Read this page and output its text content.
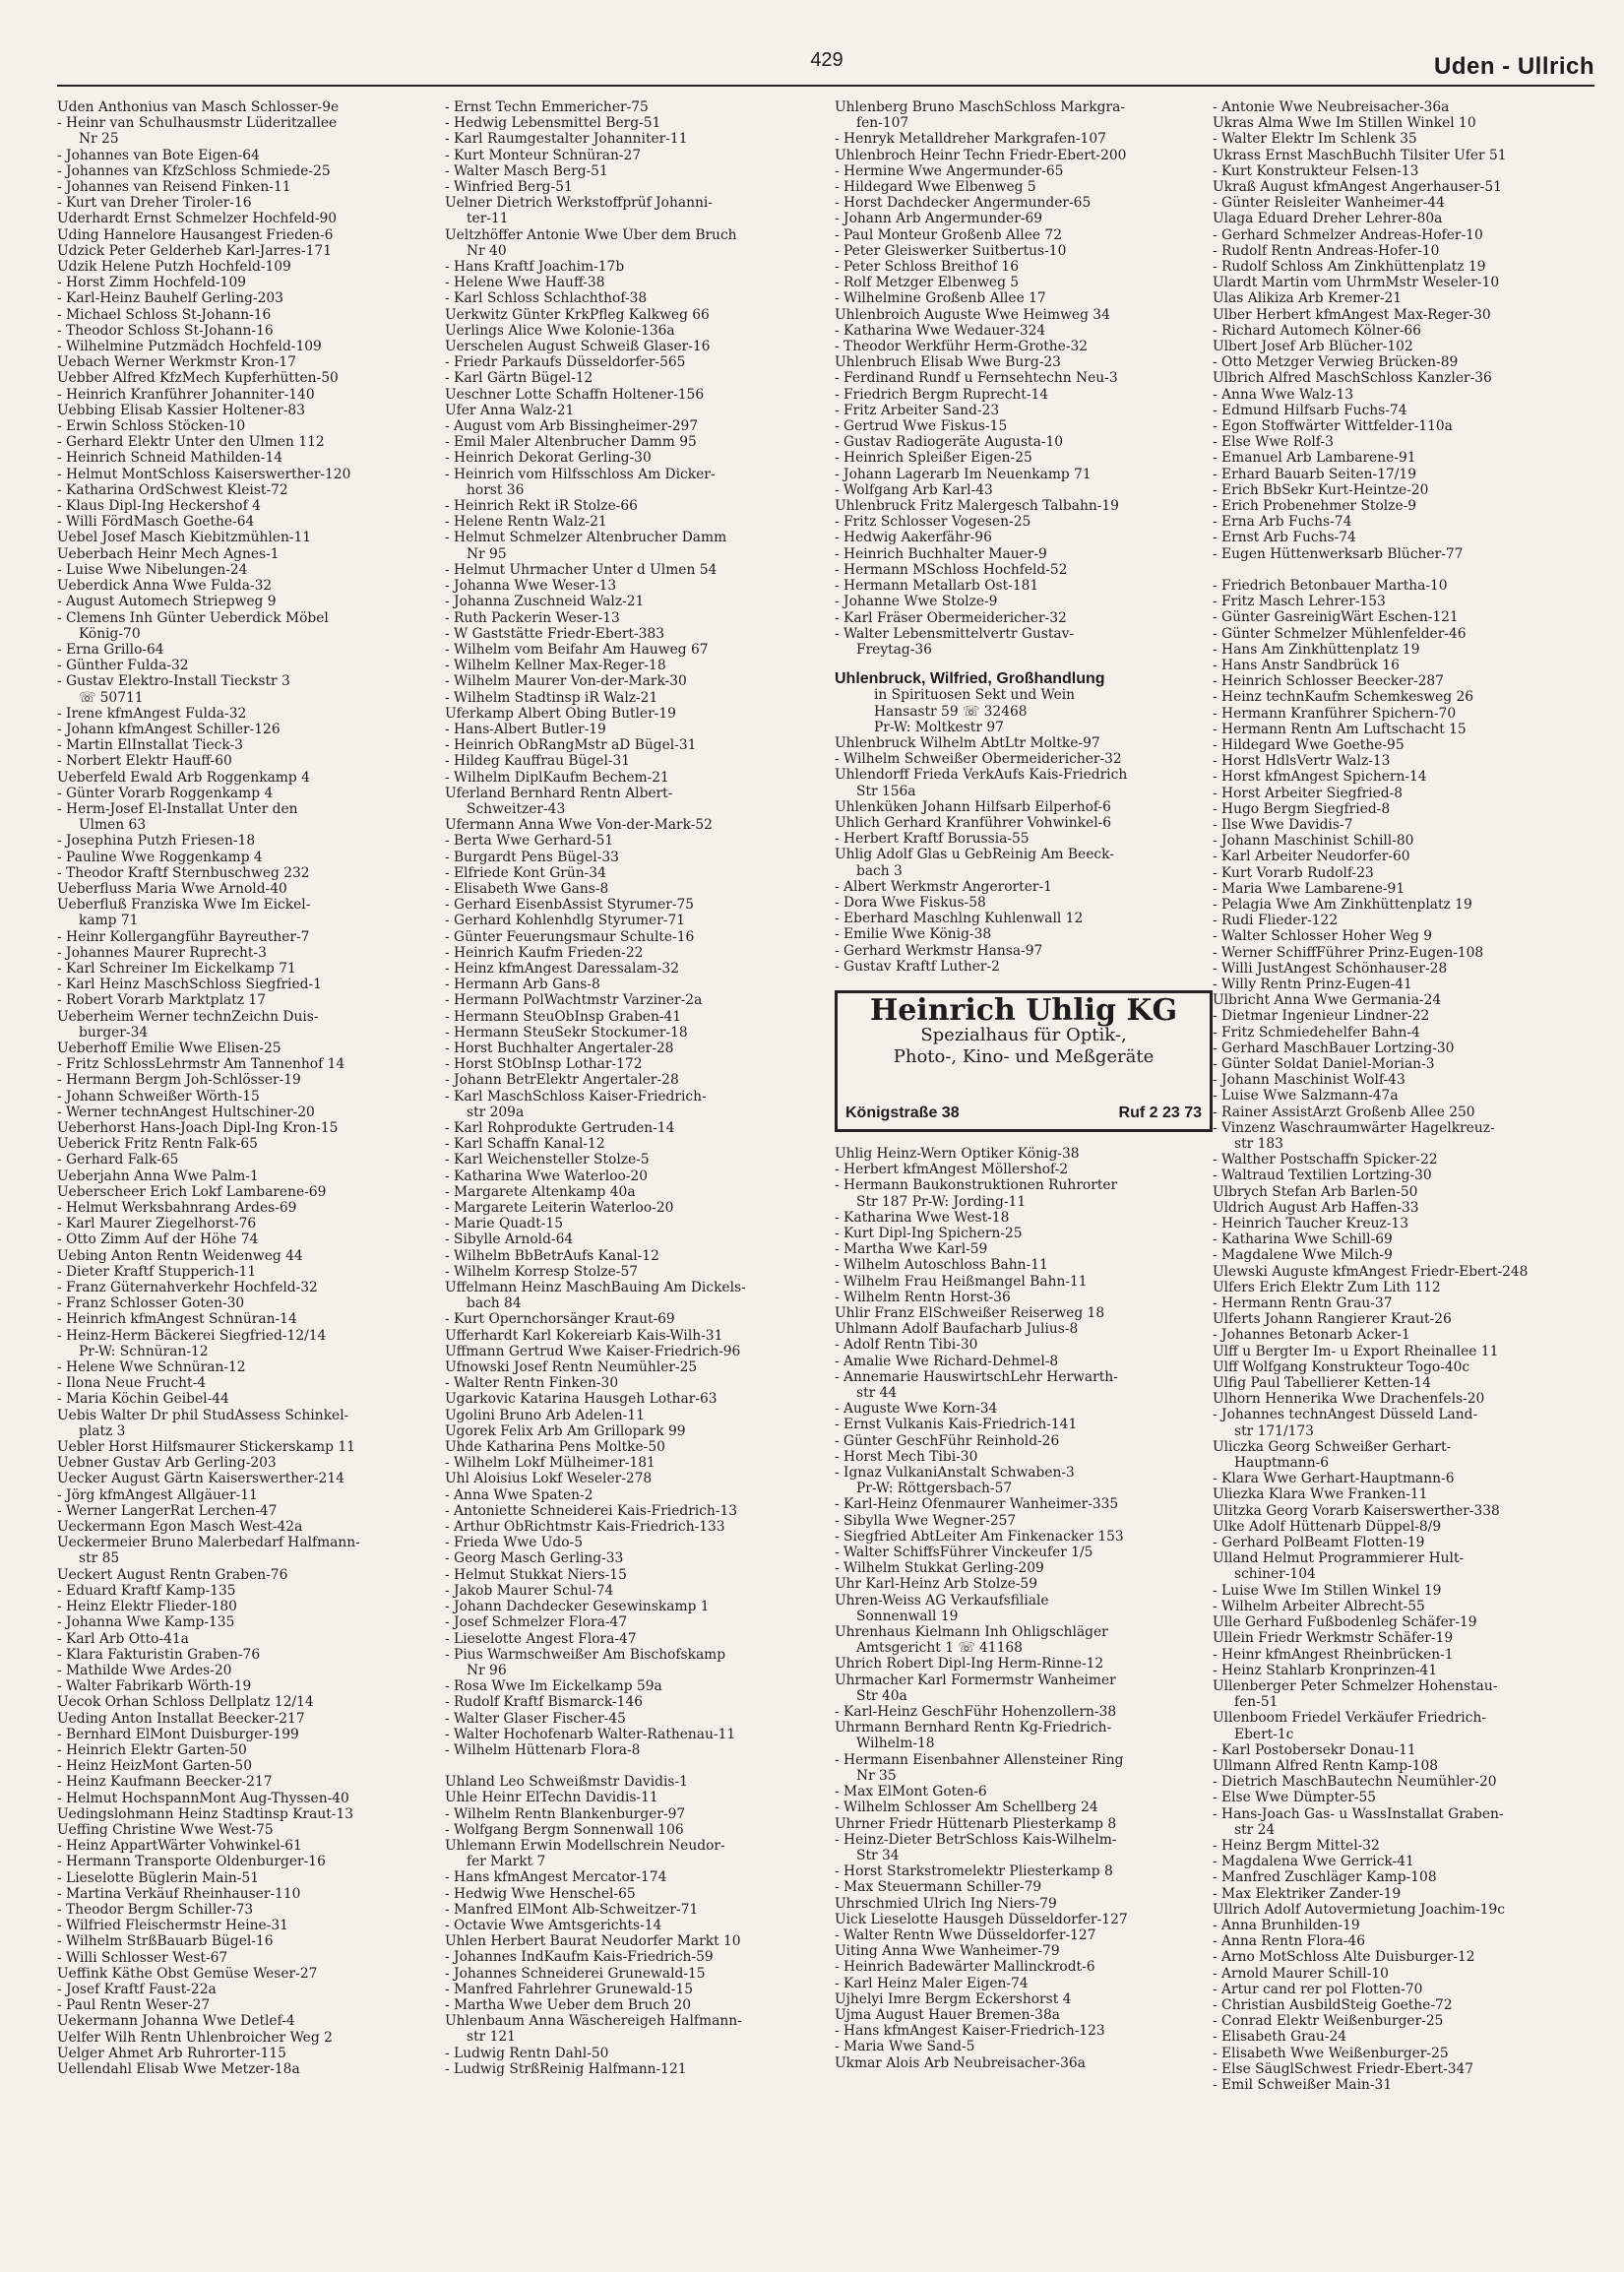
429	Uden - Ullrich
Uden Anthonius van Masch Schlosser-9e
- Heinr van Schulhausmstr Lüderitzallee
Nr 25
- Johannes van Bote Eigen-64
- Johannes van KfzSchloss Schmiede-25
- Johannes van Reisend Finken-11
- Kurt van Dreher Tiroler-16
Uderhardt Ernst Schmelzer Hochfeld-90
Uding Hannelore Hausangest Frieden-6
Udzick Peter Gelderheb Karl-Jarres-171
Udzik Helene Putzh Hochfeld-109
- Horst Zimm Hochfeld-109
- Karl-Heinz Bauhelf Gerling-203
- Michael Schloss St-Johann-16
- Theodor Schloss St-Johann-16
- Wilhelmine Putzmädch Hochfeld-109
Uebach Werner Werkmstr Kron-17
Uebber Alfred KfzMech Kupferhütten-50
- Heinrich Kranführer Johanniter-140
Uebbing Elisab Kassier Holtener-83
- Erwin Schloss Stöcken-10
- Gerhard Elektr Unter den Ulmen 112
- Heinrich Schneid Mathilden-14
- Helmut MontSchloss Kaiserswerther-120
- Katharina OrdSchwest Kleist-72
- Klaus Dipl-Ing Heckershof 4
- Willi FördMasch Goethe-64
Uebel Josef Masch Kiebitzmühlen-11
Ueberbach Heinr Mech Agnes-1
- Luise Wwe Nibelungen-24
Ueberdick Anna Wwe Fulda-32
- August Automech Striepweg 9
- Clemens Inh Günter Ueberdick Möbel
König-70
- Erna Grillo-64
- Günther Fulda-32
- Gustav Elektro-Install Tieckstr 3
☏ 50711
- Irene kfmAngest Fulda-32
- Johann kfmAngest Schiller-126
- Martin ElInstallat Tieck-3
- Norbert Elektr Hauff-60
Ueberfeld Ewald Arb Roggenkamp 4
- Günter Vorarb Roggenkamp 4
- Herm-Josef El-Installat Unter den
Ulmen 63
- Josephina Putzh Friesen-18
- Pauline Wwe Roggenkamp 4
- Theodor Kraftf Sternbuschweg 232
Ueberfluss Maria Wwe Arnold-40
Ueberfluß Franziska Wwe Im Eickel-
kamp 71
- Heinr Kollergangführ Bayreuther-7
- Johannes Maurer Ruprecht-3
- Karl Schreiner Im Eickelkamp 71
- Karl Heinz MaschSchloss Siegfried-1
- Robert Vorarb Marktplatz 17
Ueberheim Werner technZeichn Duis-
burger-34
Ueberhoff Emilie Wwe Elisen-25
- Fritz SchlossLehrmstr Am Tannenhof 14
- Hermann Bergm Joh-Schlösser-19
- Johann Schweißer Wörth-15
- Werner technAngest Hultschiner-20
Ueberhorst Hans-Joach Dipl-Ing Kron-15
Ueberick Fritz Rentn Falk-65
- Gerhard Falk-65
Ueberjahn Anna Wwe Palm-1
Ueberscheer Erich Lokf Lambarene-69
- Helmut Werksbahnrang Ardes-69
- Karl Maurer Ziegelhorst-76
- Otto Zimm Auf der Höhe 74
Uebing Anton Rentn Weidenweg 44
- Dieter Kraftf Stupperich-11
- Franz Güternahverkehr Hochfeld-32
- Franz Schlosser Goten-30
- Heinrich kfmAngest Schnüran-14
- Heinz-Herm Bäckerei Siegfried-12/14
Pr-W: Schnüran-12
- Helene Wwe Schnüran-12
- Ilona Neue Frucht-4
- Maria Köchin Geibel-44
Uebis Walter Dr phil StudAssess Schinkel-
platz 3
Uebler Horst Hilfsmaurer Stickerskamp 11
Uebner Gustav Arb Gerling-203
Uecker August Gärtn Kaiserswerther-214
- Jörg kfmAngest Allgäuer-11
- Werner LangerRat Lerchen-47
Ueckermann Egon Masch West-42a
Ueckermeier Bruno Malerbedarf Halfmann-
str 85
Ueckert August Rentn Graben-76
- Eduard Kraftf Kamp-135
- Heinz Elektr Flieder-180
- Johanna Wwe Kamp-135
- Karl Arb Otto-41a
- Klara Fakturistin Graben-76
- Mathilde Wwe Ardes-20
- Walter Fabrikarb Wörth-19
Uecok Orhan Schloss Dellplatz 12/14
Ueding Anton Installat Beecker-217
- Bernhard ElMont Duisburger-199
- Heinrich Elektr Garten-50
- Heinz HeizMont Garten-50
- Heinz Kaufmann Beecker-217
- Helmut HochspannMont Aug-Thyssen-40
Uedingslohmann Heinz Stadtinsp Kraut-13
Ueffing Christine Wwe West-75
- Heinz AppartWärter Vohwinkel-61
- Hermann Transporte Oldenburger-16
- Lieselotte Büglerin Main-51
- Martina Verkäuf Rheinhauser-110
- Theodor Bergm Schiller-73
- Wilfried Fleischermstr Heine-31
- Wilhelm StrßBauarb Bügel-16
- Willi Schlosser West-67
Ueffink Käthe Obst Gemüse Weser-27
- Josef Kraftf Faust-22a
- Paul Rentn Weser-27
Uekermann Johanna Wwe Detlef-4
Uelfer Wilh Rentn Uhlenbroicher Weg 2
Uelger Ahmet Arb Ruhrorter-115
Uellendahl Elisab Wwe Metzer-18a
- Ernst Techn Emmericher-75
- Hedwig Lebensmittel Berg-51
- Karl Raumgestalter Johanniter-11
- Kurt Monteur Schnüran-27
- Walter Masch Berg-51
- Winfried Berg-51
Uelner Dietrich Werkstoffprüf Johanni-
ter-11
Ueltzhöffer Antonie Wwe Über dem Bruch
Nr 40
- Hans Kraftf Joachim-17b
- Helene Wwe Hauff-38
- Karl Schloss Schlachthof-38
Uerkwitz Günter KrkPfleg Kalkweg 66
Uerlings Alice Wwe Kolonie-136a
Uerschelen August Schweiß Glaser-16
- Friedr Parkaufs Düsseldorfer-565
- Karl Gärtn Bügel-12
Ueschner Lotte Schaffn Holtener-156
Ufer Anna Walz-21
- August vom Arb Bissingheimer-297
- Emil Maler Altenbrucher Damm 95
- Heinrich Dekorat Gerling-30
- Heinrich vom Hilfsschloss Am Dicker-
horst 36
- Heinrich Rekt iR Stolze-66
- Helene Rentn Walz-21
- Helmut Schmelzer Altenbrucher Damm
Nr 95
- Helmut Uhrmacher Unter d Ulmen 54
- Johanna Wwe Weser-13
- Johanna Zuschneid Walz-21
- Ruth Packerin Weser-13
- W Gaststätte Friedr-Ebert-383
- Wilhelm vom Beifahr Am Hauweg 67
- Wilhelm Kellner Max-Reger-18
- Wilhelm Maurer Von-der-Mark-30
- Wilhelm Stadtinsp iR Walz-21
Uferkamp Albert Obing Butler-19
- Hans-Albert Butler-19
- Heinrich ObRangMstr aD Bügel-31
- Hildeg Kauffrau Bügel-31
- Wilhelm DiplKaufm Bechem-21
Uferland Bernhard Rentn Albert-
Schweitzer-43
Ufermann Anna Wwe Von-der-Mark-52
- Berta Wwe Gerhard-51
- Burgardt Pens Bügel-33
- Elfriede Kont Grün-34
- Elisabeth Wwe Gans-8
- Gerhard EisenbAssist Styrumer-75
- Gerhard Kohlenhdlg Styrumer-71
- Günter Feuerungsmaur Schulte-16
- Heinrich Kaufm Frieden-22
- Heinz kfmAngest Daressalam-32
- Hermann Arb Gans-8
- Hermann PolWachtmstr Varziner-2a
- Hermann SteuObInsp Graben-41
- Hermann SteuSekr Stockumer-18
- Horst Buchhalter Angertaler-28
- Horst StObInsp Lothar-172
- Johann BetrElektr Angertaler-28
- Karl MaschSchloss Kaiser-Friedrich-
str 209a
- Karl Rohprodukte Gertruden-14
- Karl Schaffn Kanal-12
- Karl Weichensteller Stolze-5
- Katharina Wwe Waterloo-20
- Margarete Altenkamp 40a
- Margarete Leiterin Waterloo-20
- Marie Quadt-15
- Sibylle Arnold-64
- Wilhelm BbBetrAufs Kanal-12
- Wilhelm Korresp Stolze-57
Uffelmann Heinz MaschBauing Am Dickels-
bach 84
- Kurt Opernchorsänger Kraut-69
Ufferhardt Karl Kokereiarb Kais-Wilh-31
Uffmann Gertrud Wwe Kaiser-Friedrich-96
Ufnowski Josef Rentn Neumühler-25
- Walter Rentn Finken-30
Ugarkovic Katarina Hausgeh Lothar-63
Ugolini Bruno Arb Adelen-11
Ugorek Felix Arb Am Grillopark 99
Uhde Katharina Pens Moltke-50
- Wilhelm Lokf Mülheimer-181
Uhl Aloisius Lokf Weseler-278
- Anna Wwe Spaten-2
- Antoniette Schneiderei Kais-Friedrich-13
- Arthur ObRichtmstr Kais-Friedrich-133
- Frieda Wwe Udo-5
- Georg Masch Gerling-33
- Helmut Stukkat Niers-15
- Jakob Maurer Schul-74
- Johann Dachdecker Gesewinskamp 1
- Josef Schmelzer Flora-47
- Lieselotte Angest Flora-47
- Pius Warmschweißer Am Bischofskamp
Nr 96
- Rosa Wwe Im Eickelkamp 59a
- Rudolf Kraftf Bismarck-146
- Walter Glaser Fischer-45
- Walter Hochofenarb Walter-Rathenau-11
- Wilhelm Hüttenarb Flora-8
Uhland Leo Schweißmstr Davidis-1
Uhle Heinr ElTechn Davidis-11
- Wilhelm Rentn Blankenburger-97
- Wolfgang Bergm Sonnenwall 106
Uhlemann Erwin Modellschrein Neudor-
fer Markt 7
- Hans kfmAngest Mercator-174
- Hedwig Wwe Henschel-65
- Manfred ElMont Alb-Schweitzer-71
- Octavie Wwe Amtsgerichts-14
Uhlen Herbert Baurat Neudorfer Markt 10
- Johannes IndKaufm Kais-Friedrich-59
- Johannes Schneiderei Grunewald-15
- Manfred Fahrlehrer Grunewald-15
- Martha Wwe Ueber dem Bruch 20
Uhlenbaum Anna Wäschereigeh Halfmann-
str 121
- Ludwig Rentn Dahl-50
- Ludwig StrßReinig Halfmann-121
Uhlenberg Bruno MaschSchloss Markgra-
fen-107
- Henryk Metalldreher Markgrafen-107
Uhlenbroch Heinr Techn Friedr-Ebert-200
- Hermine Wwe Angermunder-65
- Hildegard Wwe Elbenweg 5
- Horst Dachdecker Angermunder-65
- Johann Arb Angermunder-69
- Paul Monteur Großenb Allee 72
- Peter Gleiswerker Suitbertus-10
- Peter Schloss Breithof 16
- Rolf Metzger Elbenweg 5
- Wilhelmine Großenb Allee 17
Uhlenbroich Auguste Wwe Heimweg 34
- Katharina Wwe Wedauer-324
- Theodor Werkführ Herm-Grothe-32
Uhlenbruch Elisab Wwe Burg-23
- Ferdinand Rundf u Fernsehtechn Neu-3
- Friedrich Bergm Ruprecht-14
- Fritz Arbeiter Sand-23
- Gertrud Wwe Fiskus-15
- Gustav Radiogeräte Augusta-10
- Heinrich Spleißer Eigen-25
- Johann Lagerarb Im Neuenkamp 71
- Wolfgang Arb Karl-43
Uhlenbruck Fritz Malergesch Talbahn-19
- Fritz Schlosser Vogesen-25
- Hedwig Aakerfähr-96
- Heinrich Buchhalter Mauer-9
- Hermann MSchloss Hochfeld-52
- Hermann Metallarb Ost-181
- Johanne Wwe Stolze-9
- Karl Fräser Obermeidericher-32
- Walter Lebensmittelvertr Gustav-
Freytag-36
Uhlenbruck, Wilfried, Großhandlung
in Spirituosen Sekt und Wein
Hansastr 59 ☏ 32468
Pr-W: Moltkestr 97
Uhlenbruck Wilhelm AbtLtr Moltke-97
- Wilhelm Schweißer Obermeidericher-32
Uhlendorff Frieda VerkAufs Kais-Friedrich
Str 156a
Uhlenküken Johann Hilfsarb Eilperhof-6
Uhlich Gerhard Kranführer Vohwinkel-6
- Herbert Kraftf Borussia-55
Uhlig Adolf Glas u GebReinig Am Beeck-
bach 3
- Albert Werkmstr Angerorter-1
- Dora Wwe Fiskus-58
- Eberhard Maschlng Kuhlenwall 12
- Emilie Wwe König-38
- Gerhard Werkmstr Hansa-97
- Gustav Kraftf Luther-2
Heinrich Uhlig KG
Spezialhaus für Optik-,
Photo-, Kino- und Meßgeräte
Königstraße 38	Ruf 2 23 73
Uhlig Heinz-Wern Optiker König-38
- Herbert kfmAngest Möllershof-2
- Hermann Baukonstruktionen Ruhrorter
Str 187 Pr-W: Jording-11
- Katharina Wwe West-18
- Kurt Dipl-Ing Spichern-25
- Martha Wwe Karl-59
- Wilhelm Autoschloss Bahn-11
- Wilhelm Frau Heißmangel Bahn-11
- Wilhelm Rentn Horst-36
Uhlir Franz ElSchweißer Reiserweg 18
Uhlmann Adolf Baufacharb Julius-8
- Adolf Rentn Tibi-30
- Amalie Wwe Richard-Dehmel-8
- Annemarie HauswirtschLehr Herwarth-
str 44
- Auguste Wwe Korn-34
- Ernst Vulkanis Kais-Friedrich-141
- Günter GeschFühr Reinhold-26
- Horst Mech Tibi-30
- Ignaz VulkaniAnstalt Schwaben-3
Pr-W: Röttgersbach-57
- Karl-Heinz Ofenmaurer Wanheimer-335
- Sibylla Wwe Wegner-257
- Siegfried AbtLeiter Am Finkenacker 153
- Walter SchiffsFührer Vinckeufer 1/5
- Wilhelm Stukkat Gerling-209
Uhr Karl-Heinz Arb Stolze-59
Uhren-Weiss AG Verkaufsfiliale
Sonnenwall 19
Uhrenhaus Kielmann Inh Ohligschläger
Amtsgericht 1 ☏ 41168
Uhrich Robert Dipl-Ing Herm-Rinne-12
Uhrmacher Karl Formermstr Wanheimer
Str 40a
- Karl-Heinz GeschFühr Hohenzollern-38
Uhrmann Bernhard Rentn Kg-Friedrich-
Wilhelm-18
- Hermann Eisenbahner Allensteiner Ring
Nr 35
- Max ElMont Goten-6
- Wilhelm Schlosser Am Schellberg 24
Uhrner Friedr Hüttenarb Pliesterkamp 8
- Heinz-Dieter BetrSchloss Kais-Wilhelm-
Str 34
- Horst Starkstromelektr Pliesterkamp 8
- Max Steuermann Schiller-79
Uhrschmied Ulrich Ing Niers-79
Uick Lieselotte Hausgeh Düsseldorfer-127
- Walter Rentn Wwe Düsseldorfer-127
Uiting Anna Wwe Wanheimer-79
- Heinrich Badewärter Mallinckrodt-6
- Karl Heinz Maler Eigen-74
Ujhelyi Imre Bergm Eckershorst 4
Ujma August Hauer Bremen-38a
- Hans kfmAngest Kaiser-Friedrich-123
- Maria Wwe Sand-5
Ukmar Alois Arb Neubreisacher-36a
- Antonie Wwe Neubreisacher-36a
Ukras Alma Wwe Im Stillen Winkel 10
- Walter Elektr Im Schlenk 35
Ukrass Ernst MaschBuchh Tilsiter Ufer 51
- Kurt Konstrukteur Felsen-13
Ukraß August kfmAngest Angerhauser-51
- Günter Reisleiter Wanheimer-44
Ulaga Eduard Dreher Lehrer-80a
- Gerhard Schmelzer Andreas-Hofer-10
- Rudolf Rentn Andreas-Hofer-10
- Rudolf Schloss Am Zinkhüttenplatz 19
Ulardt Martin vom UhrmMstr Weseler-10
Ulas Alikiza Arb Kremer-21
Ulber Herbert kfmAngest Max-Reger-30
- Richard Automech Kölner-66
Ulbert Josef Arb Blücher-102
- Otto Metzger Verwieg Brücken-89
Ulbrich Alfred MaschSchloss Kanzler-36
- Anna Wwe Walz-13
- Edmund Hilfsarb Fuchs-74
- Egon Stoffwärter Wittfelder-110a
- Else Wwe Rolf-3
- Emanuel Arb Lambarene-91
- Erhard Bauarb Seiten-17/19
- Erich BbSekr Kurt-Heintze-20
- Erich Probenehmer Stolze-9
- Erna Arb Fuchs-74
- Ernst Arb Fuchs-74
- Eugen Hüttenwerksarb Blücher-77
- Friedrich Betonbauer Martha-10
- Fritz Masch Lehrer-153
- Günter GasreinigWärt Eschen-121
- Günter Schmelzer Mühlenfelder-46
- Hans Am Zinkhüttenplatz 19
- Hans Anstr Sandbrück 16
- Heinrich Schlosser Beecker-287
- Heinz technKaufm Schemkesweg 26
- Hermann Kranführer Spichern-70
- Hermann Rentn Am Luftschacht 15
- Hildegard Wwe Goethe-95
- Horst HdlsVertr Walz-13
- Horst kfmAngest Spichern-14
- Horst Arbeiter Siegfried-8
- Hugo Bergm Siegfried-8
- Ilse Wwe Davidis-7
- Johann Maschinist Schill-80
- Karl Arbeiter Neudorfer-60
- Kurt Vorarb Rudolf-23
- Maria Wwe Lambarene-91
- Pelagia Wwe Am Zinkhüttenplatz 19
- Rudi Flieder-122
- Walter Schlosser Hoher Weg 9
- Werner SchiffFührer Prinz-Eugen-108
- Willi JustAngest Schönhauser-28
- Willy Rentn Prinz-Eugen-41
Ulbricht Anna Wwe Germania-24
- Dietmar Ingenieur Lindner-22
- Fritz Schmiedehelfer Bahn-4
- Gerhard MaschBauer Lortzing-30
- Günter Soldat Daniel-Morian-3
- Johann Maschinist Wolf-43
- Luise Wwe Salzmann-47a
- Rainer AssistArzt Großenb Allee 250
- Vinzenz Waschraumwärter Hagelkreuz-
str 183
- Walther Postschaffn Spicker-22
- Waltraud Textilien Lortzing-30
Ulbrych Stefan Arb Barlen-50
Uldrich August Arb Haffen-33
- Heinrich Taucher Kreuz-13
- Katharina Wwe Schill-69
- Magdalene Wwe Milch-9
Ulewski Auguste kfmAngest Friedr-Ebert-248
Ulfers Erich Elektr Zum Lith 112
- Hermann Rentn Grau-37
Ulferts Johann Rangierer Kraut-26
- Johannes Betonarb Acker-1
Ulff u Bergter Im- u Export Rheinallee 11
Ulff Wolfgang Konstrukteur Togo-40c
Ulfig Paul Tabellierer Ketten-14
Ulhorn Hennerika Wwe Drachenfels-20
- Johannes technAngest Düsseld Land-
str 171/173
Uliczka Georg Schweißer Gerhart-
Hauptmann-6
- Klara Wwe Gerhart-Hauptmann-6
Uliezka Klara Wwe Franken-11
Ulitzka Georg Vorarb Kaiserswerther-338
Ulke Adolf Hüttenarb Düppel-8/9
- Gerhard PolBeamt Flotten-19
Ulland Helmut Programmierer Hult-
schiner-104
- Luise Wwe Im Stillen Winkel 19
- Wilhelm Arbeiter Albrecht-55
Ulle Gerhard Fußbodenleg Schäfer-19
Ullein Friedr Werkmstr Schäfer-19
- Heinr kfmAngest Rheinbrücken-1
- Heinz Stahlarb Kronprinzen-41
Ullenberger Peter Schmelzer Hohenstau-
fen-51
Ullenboom Friedel Verkäufer Friedrich-
Ebert-1c
- Karl Postobersekr Donau-11
Ullmann Alfred Rentn Kamp-108
- Dietrich MaschBautechn Neumühler-20
- Else Wwe Dümpter-55
- Hans-Joach Gas- u WassInstallat Graben-
str 24
- Heinz Bergm Mittel-32
- Magdalena Wwe Gerrick-41
- Manfred Zuschläger Kamp-108
- Max Elektriker Zander-19
Ullrich Adolf Autovermietung Joachim-19c
- Anna Brunhilden-19
- Anna Rentn Flora-46
- Arno MotSchloss Alte Duisburger-12
- Arnold Maurer Schill-10
- Artur cand rer pol Flotten-70
- Christian AusbildSteig Goethe-72
- Conrad Elektr Weißenburger-25
- Elisabeth Grau-24
- Elisabeth Wwe Weißenburger-25
- Else SäuglSchwest Friedr-Ebert-347
- Emil Schweißer Main-31
